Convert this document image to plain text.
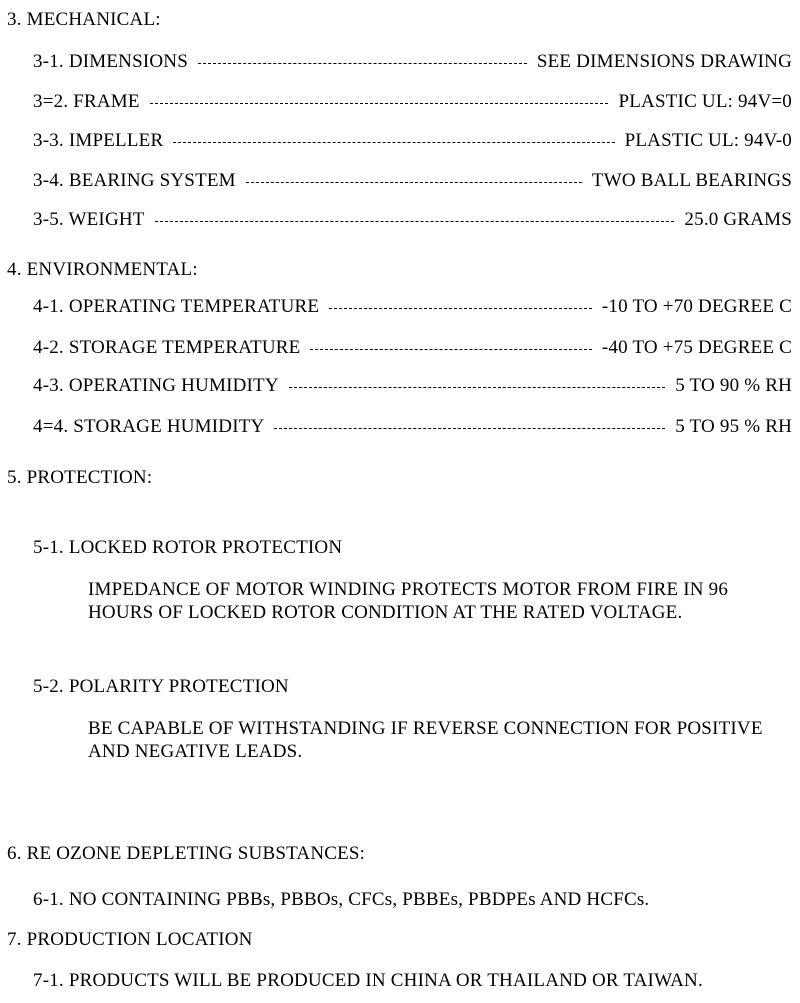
3. MECHANICAL:
3-1. DIMENSIONS	SEE DIMENSIONS DRAWING
3=2. FRAME	PLASTIC UL: 94V=0
3-3. IMPELLER	PLASTIC UL: 94V-0
3-4. BEARING SYSTEM	TWO BALL BEARINGS
3-5. WEIGHT	25.0 GRAMS
4. ENVIRONMENTAL:
4-1. OPERATING TEMPERATURE	-10 TO +70 DEGREE C
4-2. STORAGE TEMPERATURE	-40 TO +75 DEGREE C
4-3. OPERATING HUMIDITY	5 TO 90 % RH
4=4. STORAGE HUMIDITY	5 TO 95 % RH
5. PROTECTION:
5-1. LOCKED ROTOR PROTECTION
IMPEDANCE OF MOTOR WINDING PROTECTS MOTOR FROM FIRE IN 96
HOURS OF LOCKED ROTOR CONDITION AT THE RATED VOLTAGE.
5-2. POLARITY PROTECTION
BE CAPABLE OF WITHSTANDING IF REVERSE CONNECTION FOR POSITIVE
AND NEGATIVE LEADS.
6. RE OZONE DEPLETING SUBSTANCES:
6-1. NO CONTAINING PBBs, PBBOs, CFCs, PBBEs, PBDPEs AND HCFCs.
7. PRODUCTION LOCATION
7-1. PRODUCTS WILL BE PRODUCED IN CHINA OR THAILAND OR TAIWAN.
